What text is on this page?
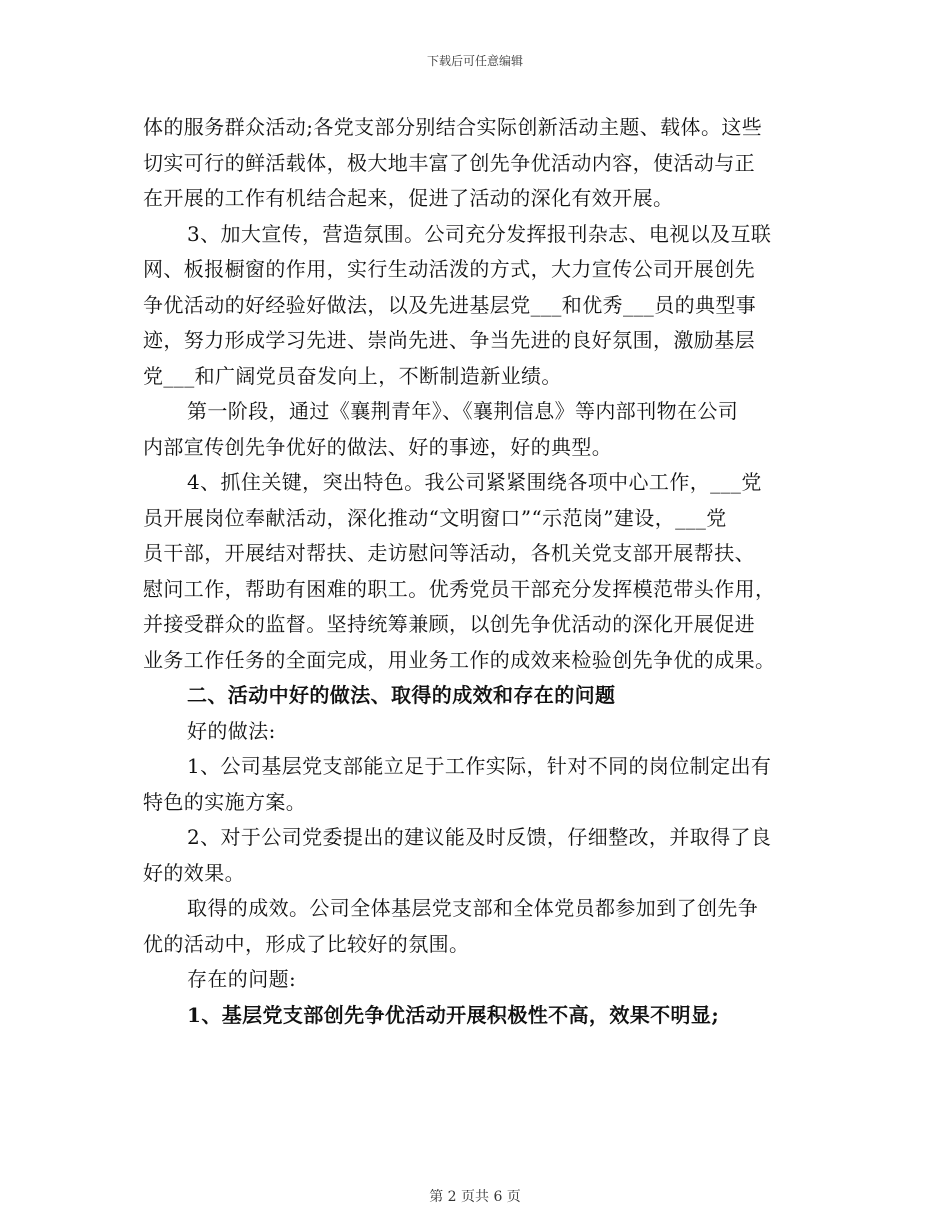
下载后可任意编辑

体的服务群众活动;各党支部分别结合实际创新活动主题、载体。这些

切实可行的鲜活载体，极大地丰富了创先争优活动内容，使活动与正

在开展的工作有机结合起来，促进了活动的深化有效开展。

3、加大宣传，营造氛围。公司充分发挥报刊杂志、电视以及互联

网、板报橱窗的作用，实行生动活泼的方式，大力宣传公司开展创先

争优活动的好经验好做法，以及先进基层党___和优秀___员的典型事

迹，努力形成学习先进、崇尚先进、争当先进的良好氛围，激励基层

党___和广阔党员奋发向上，不断制造新业绩。

第一阶段，通过《襄荆青年》、《襄荆信息》等内部刊物在公司

内部宣传创先争优好的做法、好的事迹，好的典型。

4、抓住关键，突出特色。我公司紧紧围绕各项中心工作，___党

员开展岗位奉献活动，深化推动“文明窗口”“示范岗”建设，___党

员干部，开展结对帮扶、走访慰问等活动，各机关党支部开展帮扶、

慰问工作，帮助有困难的职工。优秀党员干部充分发挥模范带头作用，

并接受群众的监督。坚持统筹兼顾，以创先争优活动的深化开展促进

业务工作任务的全面完成，用业务工作的成效来检验创先争优的成果。

二、活动中好的做法、取得的成效和存在的问题

好的做法:

1、公司基层党支部能立足于工作实际，针对不同的岗位制定出有

特色的实施方案。

2、对于公司党委提出的建议能及时反馈，仔细整改，并取得了良

好的效果。

取得的成效。公司全体基层党支部和全体党员都参加到了创先争

优的活动中，形成了比较好的氛围。

存在的问题:

1、基层党支部创先争优活动开展积极性不高，效果不明显;

第 2 页共 6 页
